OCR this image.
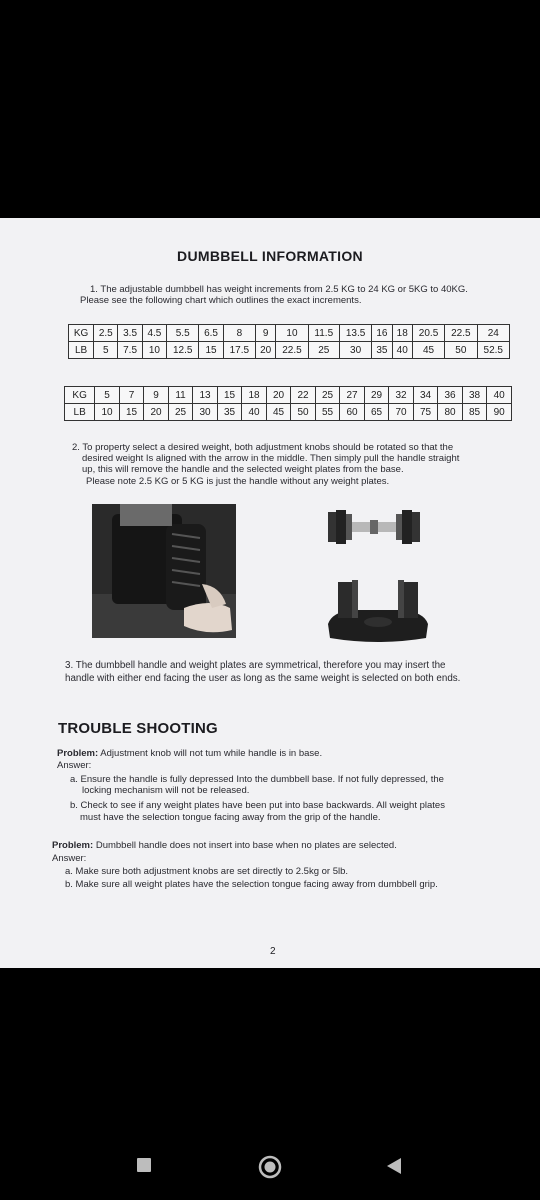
DUMBBELL INFORMATION
1. The adjustable dumbbell has weight increments from 2.5 KG to 24 KG or 5KG to 40KG.
Please see the following chart which outlines the exact increments.
KG	2.5	3.5	4.5	5.5	6.5	8	9	10	11.5	13.5	16	18	20.5	22.5	24
LB	5	7.5	10	12.5	15	17.5	20	22.5	25	30	35	40	45	50	52.5
KG	5	7	9	11	13	15	18	20	22	25	27	29	32	34	36	38	40
LB	10	15	20	25	30	35	40	45	50	55	60	65	70	75	80	85	90
2. To property select a desired weight, both adjustment knobs should be rotated so that the
desired weight Is aligned with the arrow in the middle. Then simply pull the handle straight
up, this will remove the handle and the selected weight plates from the base.
Please note 2.5 KG or 5 KG is just the handle without any weight plates.
3. The dumbbell handle and weight plates are symmetrical, therefore you may insert the
handle with either end facing the user as long as the same weight is selected on both ends.
TROUBLE SHOOTING
Problem: Adjustment knob will not tum while handle is in base.
Answer:
a. Ensure the handle is fully depressed Into the dumbbell base. If not fully depressed, the
locking mechanism will not be released.
b. Check to see if any weight plates have been put into base backwards. All weight plates
must have the selection tongue facing away from the grip of the handle.
Problem: Dumbbell handle does not insert into base when no plates are selected.
Answer:
a. Make sure both adjustment knobs are set directly to 2.5kg or 5lb.
b. Make sure all weight plates have the selection tongue facing away from dumbbell grip.
2
